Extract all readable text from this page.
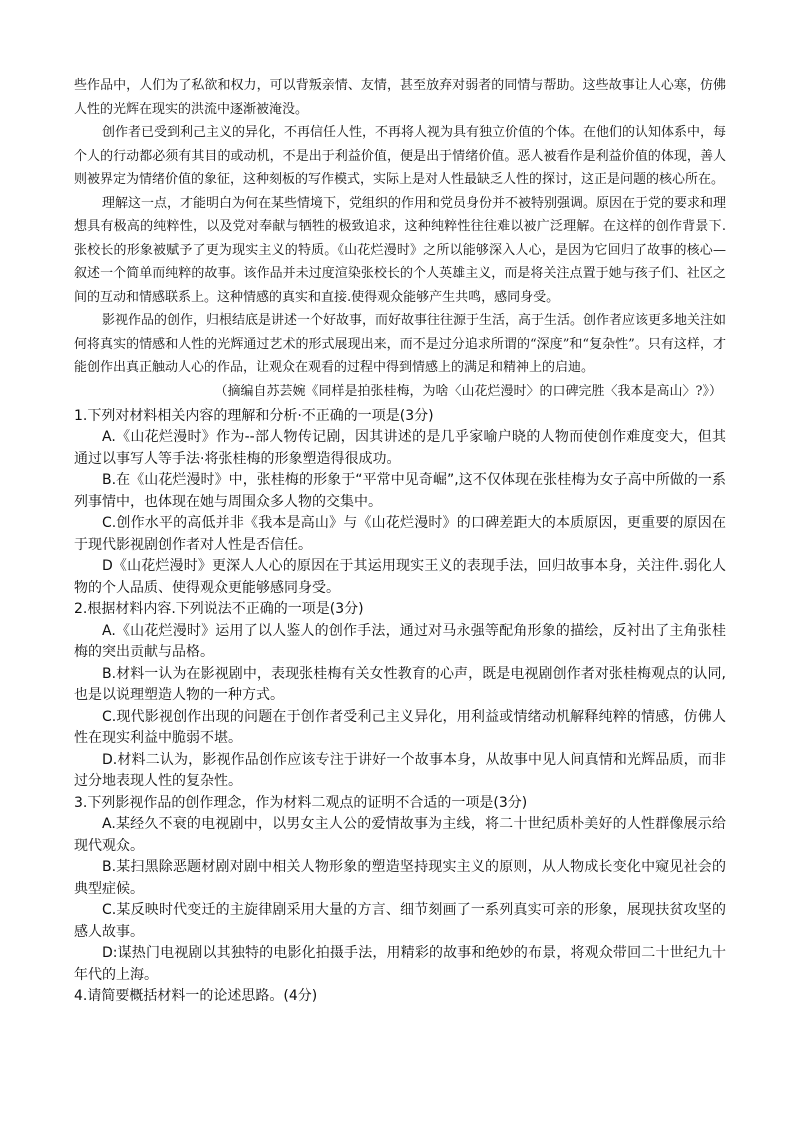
些作品中，人们为了私欲和权力，可以背叛亲情、友情，甚至放弃对弱者的同情与帮助。这些故事让人心寒，仿佛人性的光辉在现实的洪流中逐渐被淹没。

创作者已受到利己主义的异化，不再信任人性，不再将人视为具有独立价值的个体。在他们的认知体系中，每个人的行动都必须有其目的或动机，不是出于利益价值，便是出于情绪价值。恶人被看作是利益价值的体现，善人则被界定为情绪价值的象征，这种刻板的写作模式，实际上是对人性最缺乏人性的探讨，这正是问题的核心所在。

理解这一点，才能明白为何在某些情境下，党组织的作用和党员身份并不被特别强调。原因在于党的要求和理想具有极高的纯粹性，以及党对奉献与牺牲的极致追求，这种纯粹性往往难以被广泛理解。在这样的创作背景下.张校长的形象被赋予了更为现实主义的特质。《山花烂漫时》之所以能够深入人心，是因为它回归了故事的核心—叙述一个简单而纯粹的故事。该作品并未过度渲染张校长的个人英雄主义，而是将关注点置于她与孩子们、社区之间的互动和情感联系上。这种情感的真实和直接.使得观众能够产生共鸣，感同身受。

影视作品的创作，归根结底是讲述一个好故事，而好故事往往源于生活，高于生活。创作者应该更多地关注如何将真实的情感和人性的光辉通过艺术的形式展现出来，而不是过分追求所谓的“深度”和“复杂性”。只有这样，才能创作出真正触动人心的作品，让观众在观看的过程中得到情感上的满足和精神上的启迪。

（摘编自苏芸婉《同样是拍张桂梅，为啥〈山花烂漫时〉的口碑完胜〈我本是高山〉?》）

1.下列对材料相关内容的理解和分析·不正确的一项是(3分)

A.《山花烂漫时》作为--部人物传记剧，因其讲述的是几乎家喻户晓的人物而使创作难度变大，但其通过以事写人等手法·将张桂梅的形象塑造得很成功。

B.在《山花烂漫时》中，张桂梅的形象于“平常中见奇崛”,这不仅体现在张桂梅为女子高中所做的一系列事情中，也体现在她与周围众多人物的交集中。

C.创作水平的高低并非《我本是高山》与《山花烂漫时》的口碑差距大的本质原因，更重要的原因在于现代影视剧创作者对人性是否信任。

D《山花烂漫时》更深人人心的原因在于其运用现实王义的表现手法，回归故事本身，关注件.弱化人物的个人品质、使得观众更能够感同身受。

2.根据材料内容.下列说法不正确的一项是(3分)

A.《山花烂漫时》运用了以人鉴人的创作手法，通过对马永强等配角形象的描绘，反衬出了主角张桂梅的突出贡献与品格。

B.材料一认为在影视剧中，表现张桂梅有关女性教育的心声，既是电视剧创作者对张桂梅观点的认同,也是以说理塑造人物的一种方式。

C.现代影视创作出现的问题在于创作者受利己主义异化，用利益或情绪动机解释纯粹的情感，仿佛人性在现实利益中脆弱不堪。

D.材料二认为，影视作品创作应该专注于讲好一个故事本身，从故事中见人间真情和光辉品质，而非过分地表现人性的复杂性。

3.下列影视作品的创作理念，作为材料二观点的证明不合适的一项是(3分)

A.某经久不衰的电视剧中，以男女主人公的爱情故事为主线，将二十世纪质朴美好的人性群像展示给现代观众。

B.某扫黑除恶题材剧对剧中相关人物形象的塑造坚持现实主义的原则，从人物成长变化中窥见社会的典型症候。

C.某反映时代变迁的主旋律剧采用大量的方言、细节刻画了一系列真实可亲的形象，展现扶贫攻坚的感人故事。

D:谋热门电视剧以其独特的电影化拍摄手法，用精彩的故事和绝妙的布景，将观众带回二十世纪九十年代的上海。

4.请简要概括材料一的论述思路。(4分)
